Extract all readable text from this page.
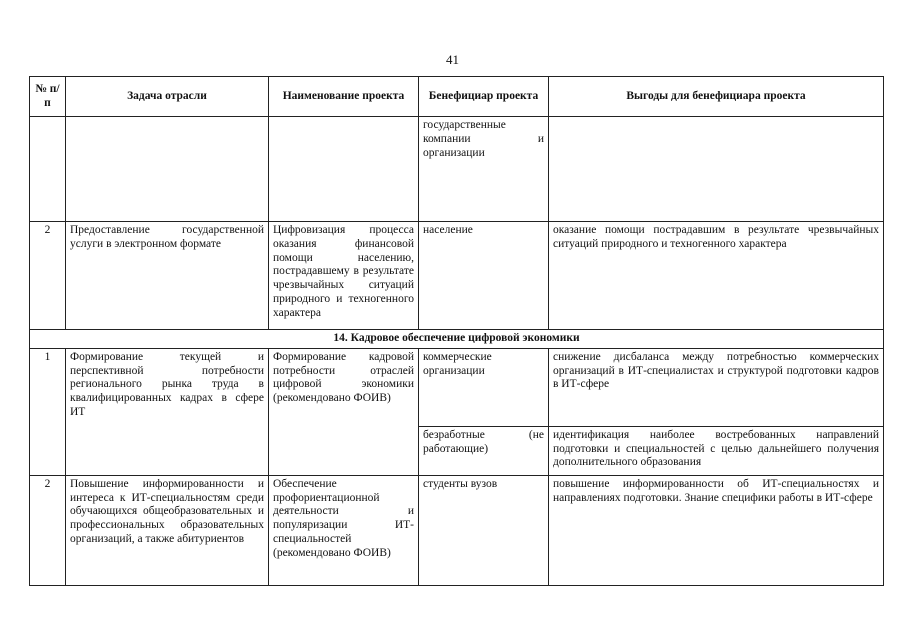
41
№ п/п	Задача отрасли	Наименование проекта	Бенефициар проекта	Выгоды для бенефициара проекта
			государственные компании и организации	
2	Предоставление государственной услуги в электронном формате	Цифровизация процесса оказания финансовой помощи населению, пострадавшему в результате чрезвычайных ситуаций природного и техногенного характера	население	оказание помощи пострадавшим в результате чрезвычайных ситуаций природного и техногенного характера
14. Кадровое обеспечение цифровой экономики				
1	Формирование текущей и перспективной потребности регионального рынка труда в квалифицированных кадрах в сфере ИТ	Формирование кадровой потребности отраслей цифровой экономики (рекомендовано ФОИВ)	коммерческие организации	снижение дисбаланса между потребностью коммерческих организаций в ИТ-специалистах и структурой подготовки кадров в ИТ-сфере
			безработные (не работающие)	идентификация наиболее востребованных направлений подготовки и специальностей с целью дальнейшего получения дополнительного образования
2	Повышение информированности и интереса к ИТ-специальностям среди обучающихся общеобразовательных и профессиональных образовательных организаций, а также абитуриентов	Обеспечение профориентационной деятельности и популяризации ИТ-специальностей (рекомендовано ФОИВ)	студенты вузов	повышение информированности об ИТ-специальностях и направлениях подготовки. Знание специфики работы в ИТ-сфере
